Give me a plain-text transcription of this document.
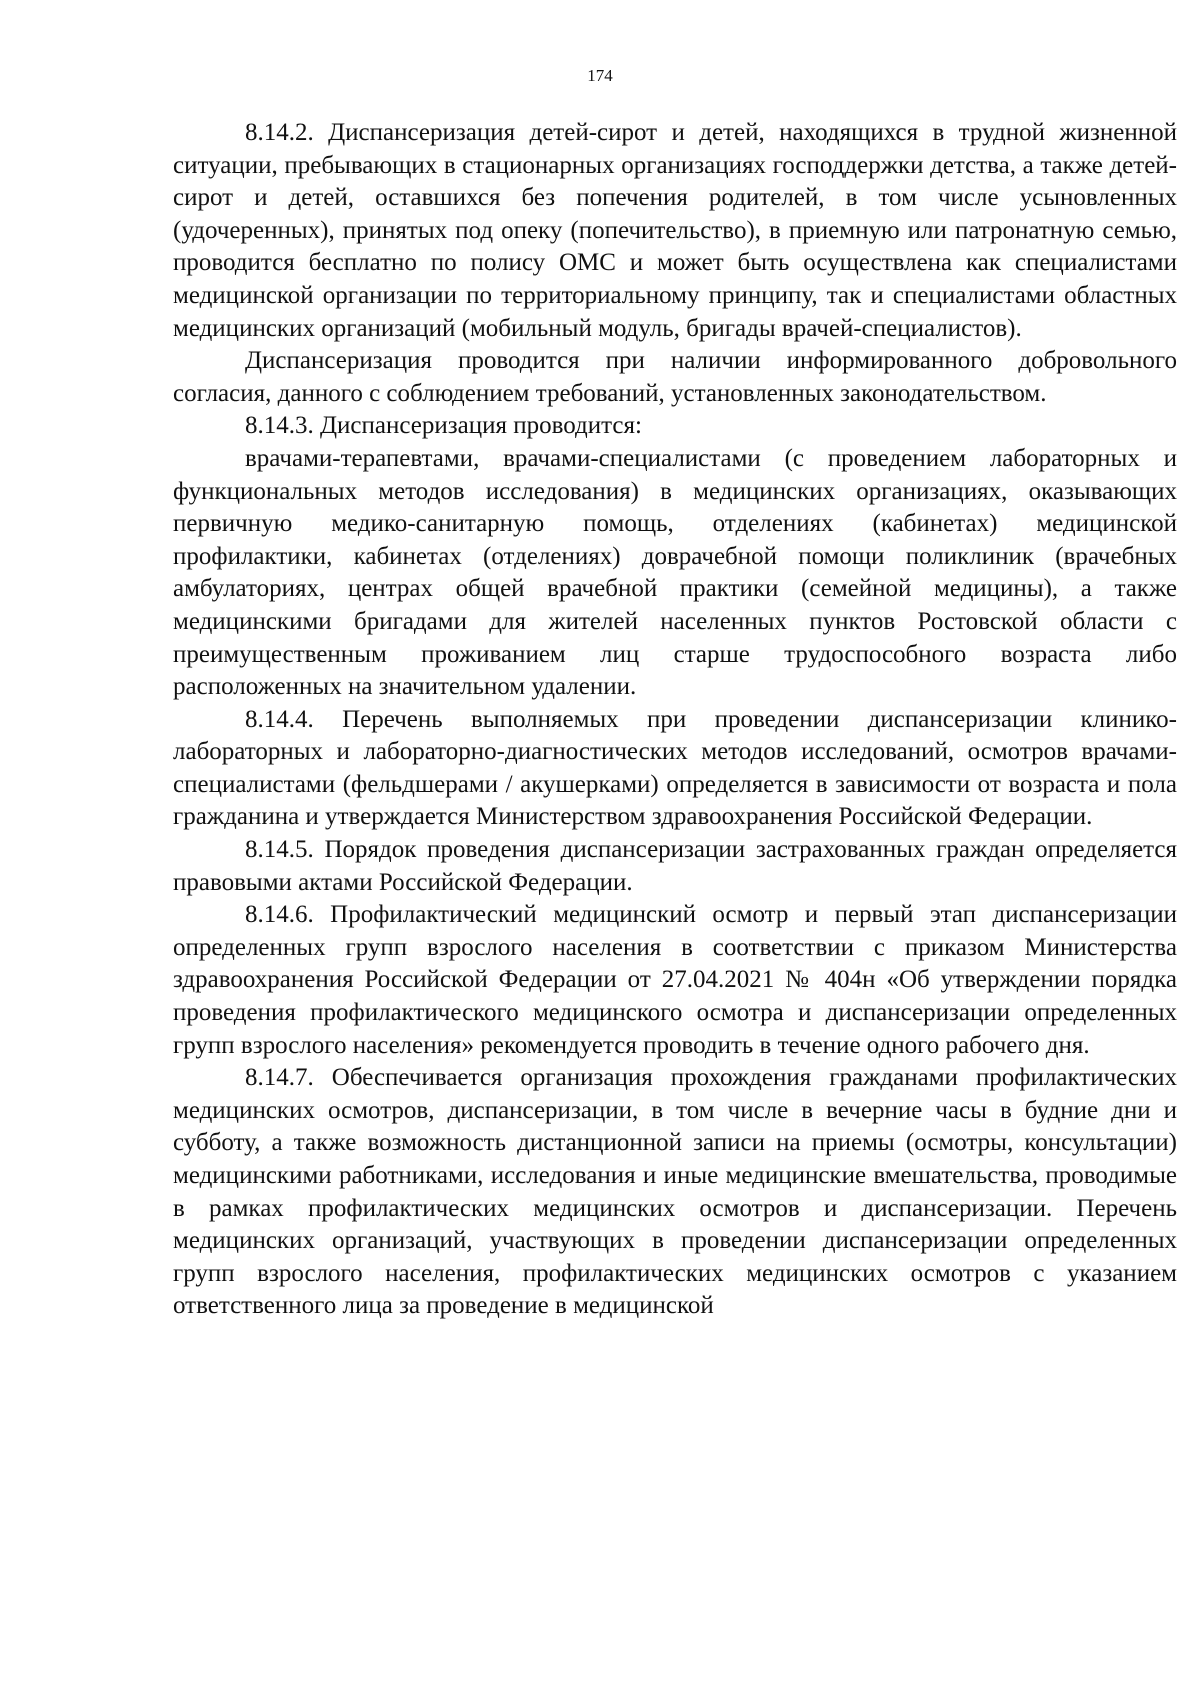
174

8.14.2. Диспансеризация детей-сирот и детей, находящихся в трудной жизненной ситуации, пребывающих в стационарных организациях господдержки детства, а также детей-сирот и детей, оставшихся без попечения родителей, в том числе усыновленных (удочеренных), принятых под опеку (попечительство), в приемную или патронатную семью, проводится бесплатно по полису ОМС и может быть осуществлена как специалистами медицинской организации по территориальному принципу, так и специалистами областных медицинских организаций (мобильный модуль, бригады врачей-специалистов).

Диспансеризация проводится при наличии информированного добровольного согласия, данного с соблюдением требований, установленных законодательством.

8.14.3. Диспансеризация проводится:

врачами-терапевтами, врачами-специалистами (с проведением лабораторных и функциональных методов исследования) в медицинских организациях, оказывающих первичную медико-санитарную помощь, отделениях (кабинетах) медицинской профилактики, кабинетах (отделениях) доврачебной помощи поликлиник (врачебных амбулаториях, центрах общей врачебной практики (семейной медицины), а также медицинскими бригадами для жителей населенных пунктов Ростовской области с преимущественным проживанием лиц старше трудоспособного возраста либо расположенных на значительном удалении.

8.14.4. Перечень выполняемых при проведении диспансеризации клинико-лабораторных и лабораторно-диагностических методов исследований, осмотров врачами-специалистами (фельдшерами / акушерками) определяется в зависимости от возраста и пола гражданина и утверждается Министерством здравоохранения Российской Федерации.

8.14.5. Порядок проведения диспансеризации застрахованных граждан определяется правовыми актами Российской Федерации.

8.14.6. Профилактический медицинский осмотр и первый этап диспансеризации определенных групп взрослого населения в соответствии с приказом Министерства здравоохранения Российской Федерации от 27.04.2021 № 404н «Об утверждении порядка проведения профилактического медицинского осмотра и диспансеризации определенных групп взрослого населения» рекомендуется проводить в течение одного рабочего дня.

8.14.7. Обеспечивается организация прохождения гражданами профилактических медицинских осмотров, диспансеризации, в том числе в вечерние часы в будние дни и субботу, а также возможность дистанционной записи на приемы (осмотры, консультации) медицинскими работниками, исследования и иные медицинские вмешательства, проводимые в рамках профилактических медицинских осмотров и диспансеризации. Перечень медицинских организаций, участвующих в проведении диспансеризации определенных групп взрослого населения, профилактических медицинских осмотров с указанием ответственного лица за проведение в медицинской
